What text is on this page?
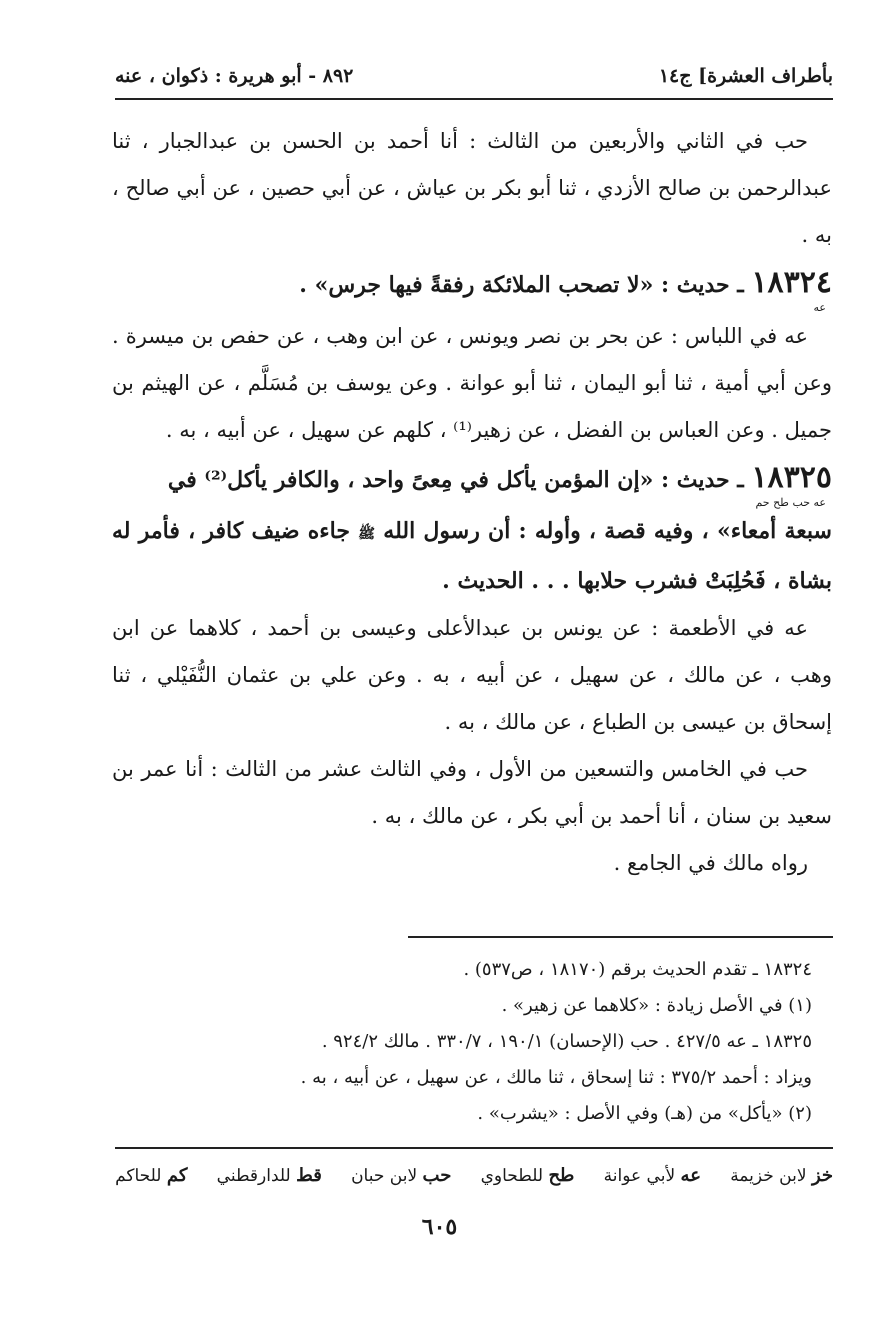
بأطراف العشرة] ج١٤
٨٩٢ - أبو هريرة : ذكوان ، عنه

حب في الثاني والأربعين من الثالث : أنا أحمد بن الحسن بن عبدالجبار ، ثنا عبدالرحمن بن صالح الأزدي ، ثنا أبو بكر بن عياش ، عن أبي حصين ، عن أبي صالح ، به .

١٨٣٢٤ ـ حديث : «لا تصحب الملائكة رفقةً فيها جرس» .
عه

عه في اللباس : عن بحر بن نصر ويونس ، عن ابن وهب ، عن حفص بن ميسرة . وعن أبي أمية ، ثنا أبو اليمان ، ثنا أبو عوانة . وعن يوسف بن مُسَلَّم ، عن الهيثم بن جميل . وعن العباس بن الفضل ، عن زهير⁽¹⁾ ، كلهم عن سهيل ، عن أبيه ، به .

١٨٣٢٥ ـ حديث : «إن المؤمن يأكل في مِعىً واحد ، والكافر يأكل⁽²⁾ في
عه حب طح حم
سبعة أمعاء» ، وفيه قصة ، وأوله : أن رسول الله ﷺ جاءه ضيف كافر ، فأمر له بشاة ، فَحُلِبَتْ فشرب حلابها . . . الحديث .

عه في الأطعمة : عن يونس بن عبدالأعلى وعيسى بن أحمد ، كلاهما عن ابن وهب ، عن مالك ، عن سهيل ، عن أبيه ، به . وعن علي بن عثمان النُّفَيْلي ، ثنا إسحاق بن عيسى بن الطباع ، عن مالك ، به .

حب في الخامس والتسعين من الأول ، وفي الثالث عشر من الثالث : أنا عمر بن سعيد بن سنان ، أنا أحمد بن أبي بكر ، عن مالك ، به .

رواه مالك في الجامع .

١٨٣٢٤ ـ تقدم الحديث برقم (١٨١٧٠ ، ص٥٣٧) .

(١) في الأصل زيادة : «كلاهما عن زهير» .

١٨٣٢٥ ـ عه ٤٢٧/٥ . حب (الإحسان) ١٩٠/١ ، ٣٣٠/٧ . مالك ٩٢٤/٢ .

ويزاد : أحمد ٣٧٥/٢ : ثنا إسحاق ، ثنا مالك ، عن سهيل ، عن أبيه ، به .

(٢) «يأكل» من (هـ) وفي الأصل : «يشرب» .

خز لابن خزيمة
عه لأبي عوانة
طح للطحاوي
حب لابن حبان
قط للدارقطني
كم للحاكم
٦٠٥
